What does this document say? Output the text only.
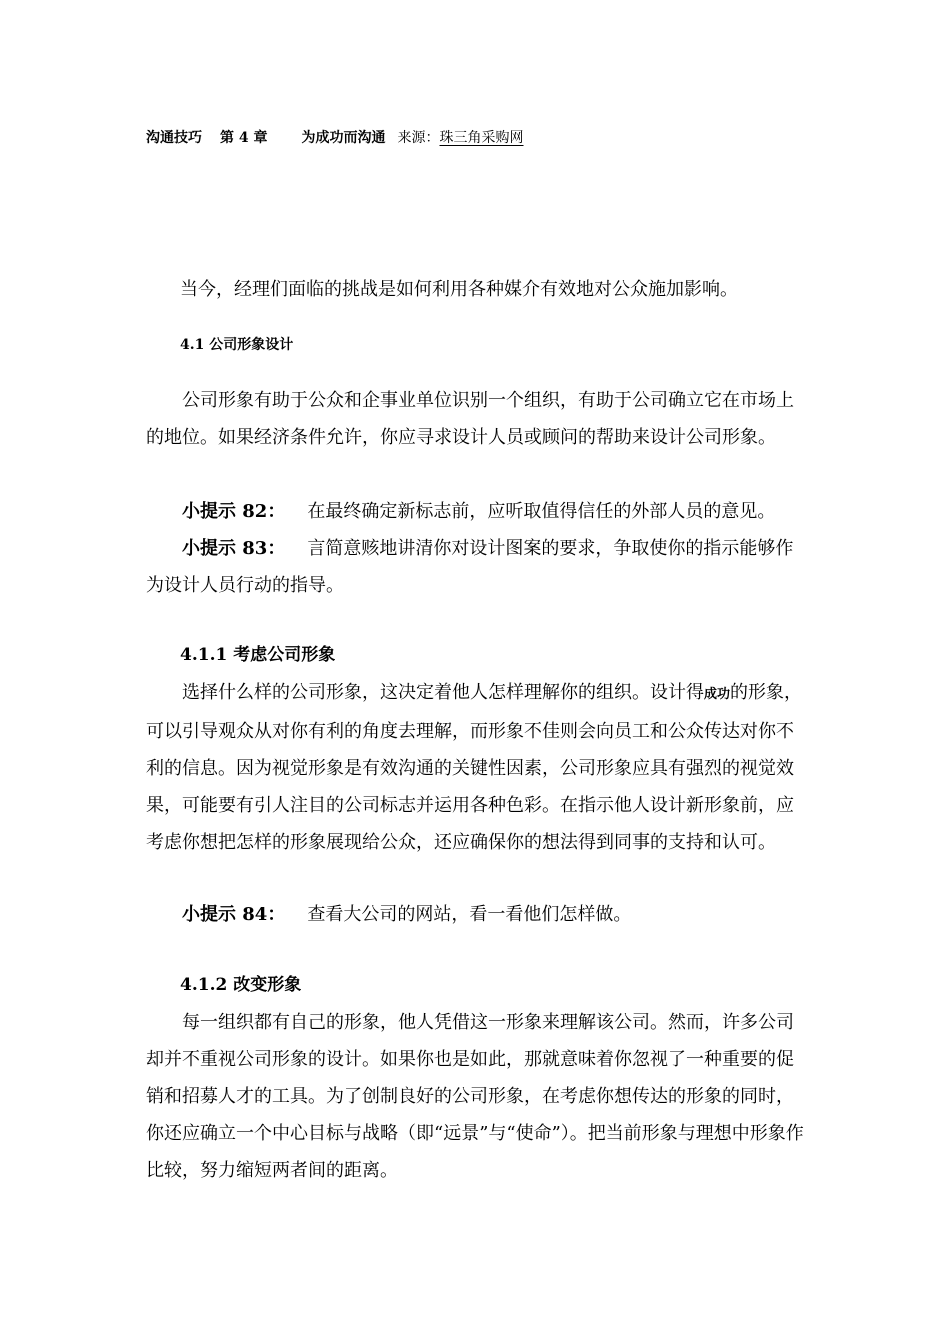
沟通技巧 第 4 章 为成功而沟通 来源：珠三角采购网
当今，经理们面临的挑战是如何利用各种媒介有效地对公众施加影响。
4.1 公司形象设计
公司形象有助于公众和企事业单位识别一个组织，有助于公司确立它在市场上的地位。如果经济条件允许，你应寻求设计人员或顾问的帮助来设计公司形象。
小提示 82： 在最终确定新标志前，应听取值得信任的外部人员的意见。
小提示 83： 言简意赅地讲清你对设计图案的要求，争取使你的指示能够作为设计人员行动的指导。
4.1.1 考虑公司形象
选择什么样的公司形象，这决定着他人怎样理解你的组织。设计得成功的形象，可以引导观众从对你有利的角度去理解，而形象不佳则会向员工和公众传达对你不利的信息。因为视觉形象是有效沟通的关键性因素，公司形象应具有强烈的视觉效果，可能要有引人注目的公司标志并运用各种色彩。在指示他人设计新形象前，应考虑你想把怎样的形象展现给公众，还应确保你的想法得到同事的支持和认可。
小提示 84： 查看大公司的网站，看一看他们怎样做。
4.1.2 改变形象
每一组织都有自己的形象，他人凭借这一形象来理解该公司。然而，许多公司却并不重视公司形象的设计。如果你也是如此，那就意味着你忽视了一种重要的促销和招募人才的工具。为了创制良好的公司形象，在考虑你想传达的形象的同时，你还应确立一个中心目标与战略（即“远景”与“使命”）。把当前形象与理想中形象作比较，努力缩短两者间的距离。
